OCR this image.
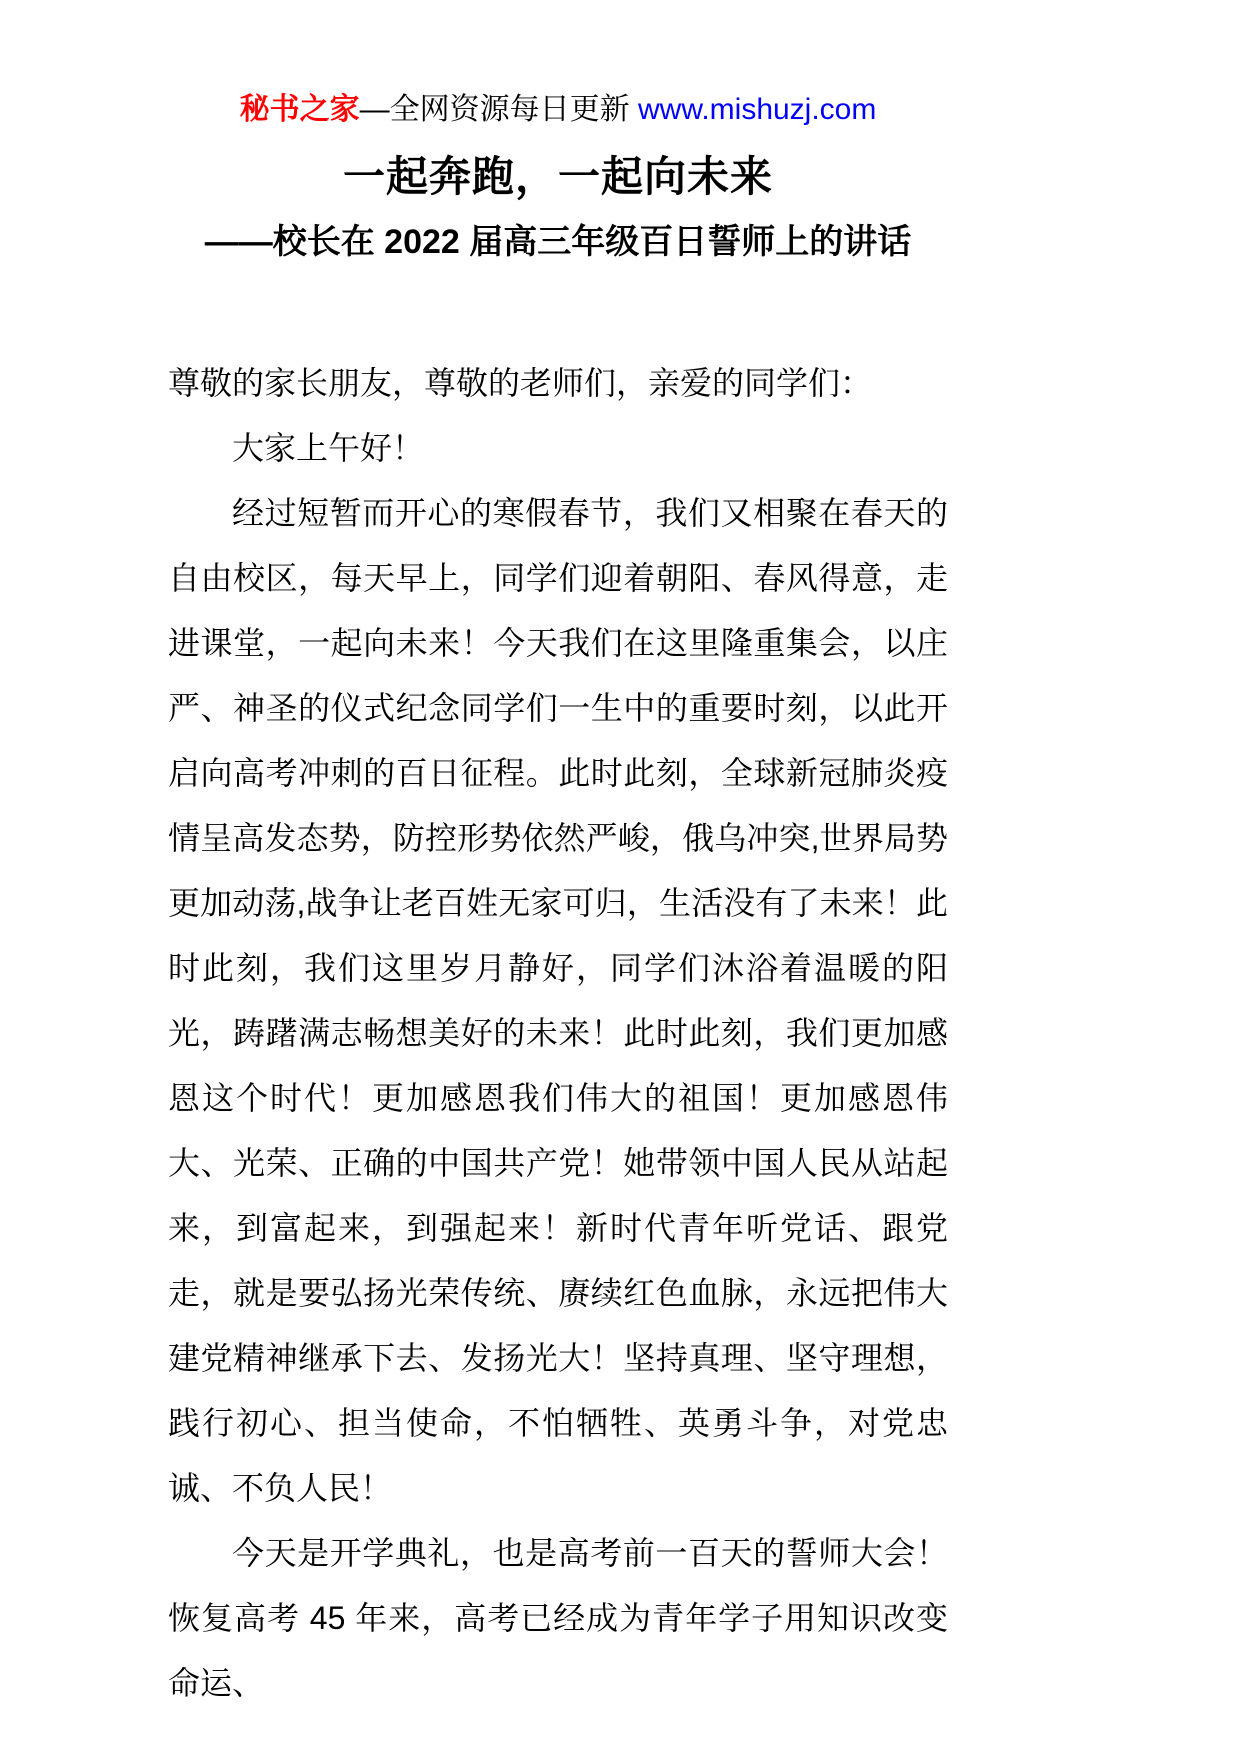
秘书之家—全网资源每日更新 www.mishuzj.com
一起奔跑，一起向未来
——校长在 2022 届高三年级百日誓师上的讲话

尊敬的家长朋友，尊敬的老师们，亲爱的同学们：

大家上午好！

经过短暂而开心的寒假春节，我们又相聚在春天的自由校区，每天早上，同学们迎着朝阳、春风得意，走进课堂，一起向未来！今天我们在这里隆重集会，以庄严、神圣的仪式纪念同学们一生中的重要时刻，以此开启向高考冲刺的百日征程。此时此刻，全球新冠肺炎疫情呈高发态势，防控形势依然严峻，俄乌冲突,世界局势更加动荡,战争让老百姓无家可归，生活没有了未来！此时此刻，我们这里岁月静好，同学们沐浴着温暖的阳光，踌躇满志畅想美好的未来！此时此刻，我们更加感恩这个时代！更加感恩我们伟大的祖国！更加感恩伟大、光荣、正确的中国共产党！她带领中国人民从站起来，到富起来，到强起来！新时代青年听党话、跟党走，就是要弘扬光荣传统、赓续红色血脉，永远把伟大建党精神继承下去、发扬光大！坚持真理、坚守理想，践行初心、担当使命，不怕牺牲、英勇斗争，对党忠诚、不负人民！

今天是开学典礼，也是高考前一百天的誓师大会！恢复高考 45 年来，高考已经成为青年学子用知识改变命运、
